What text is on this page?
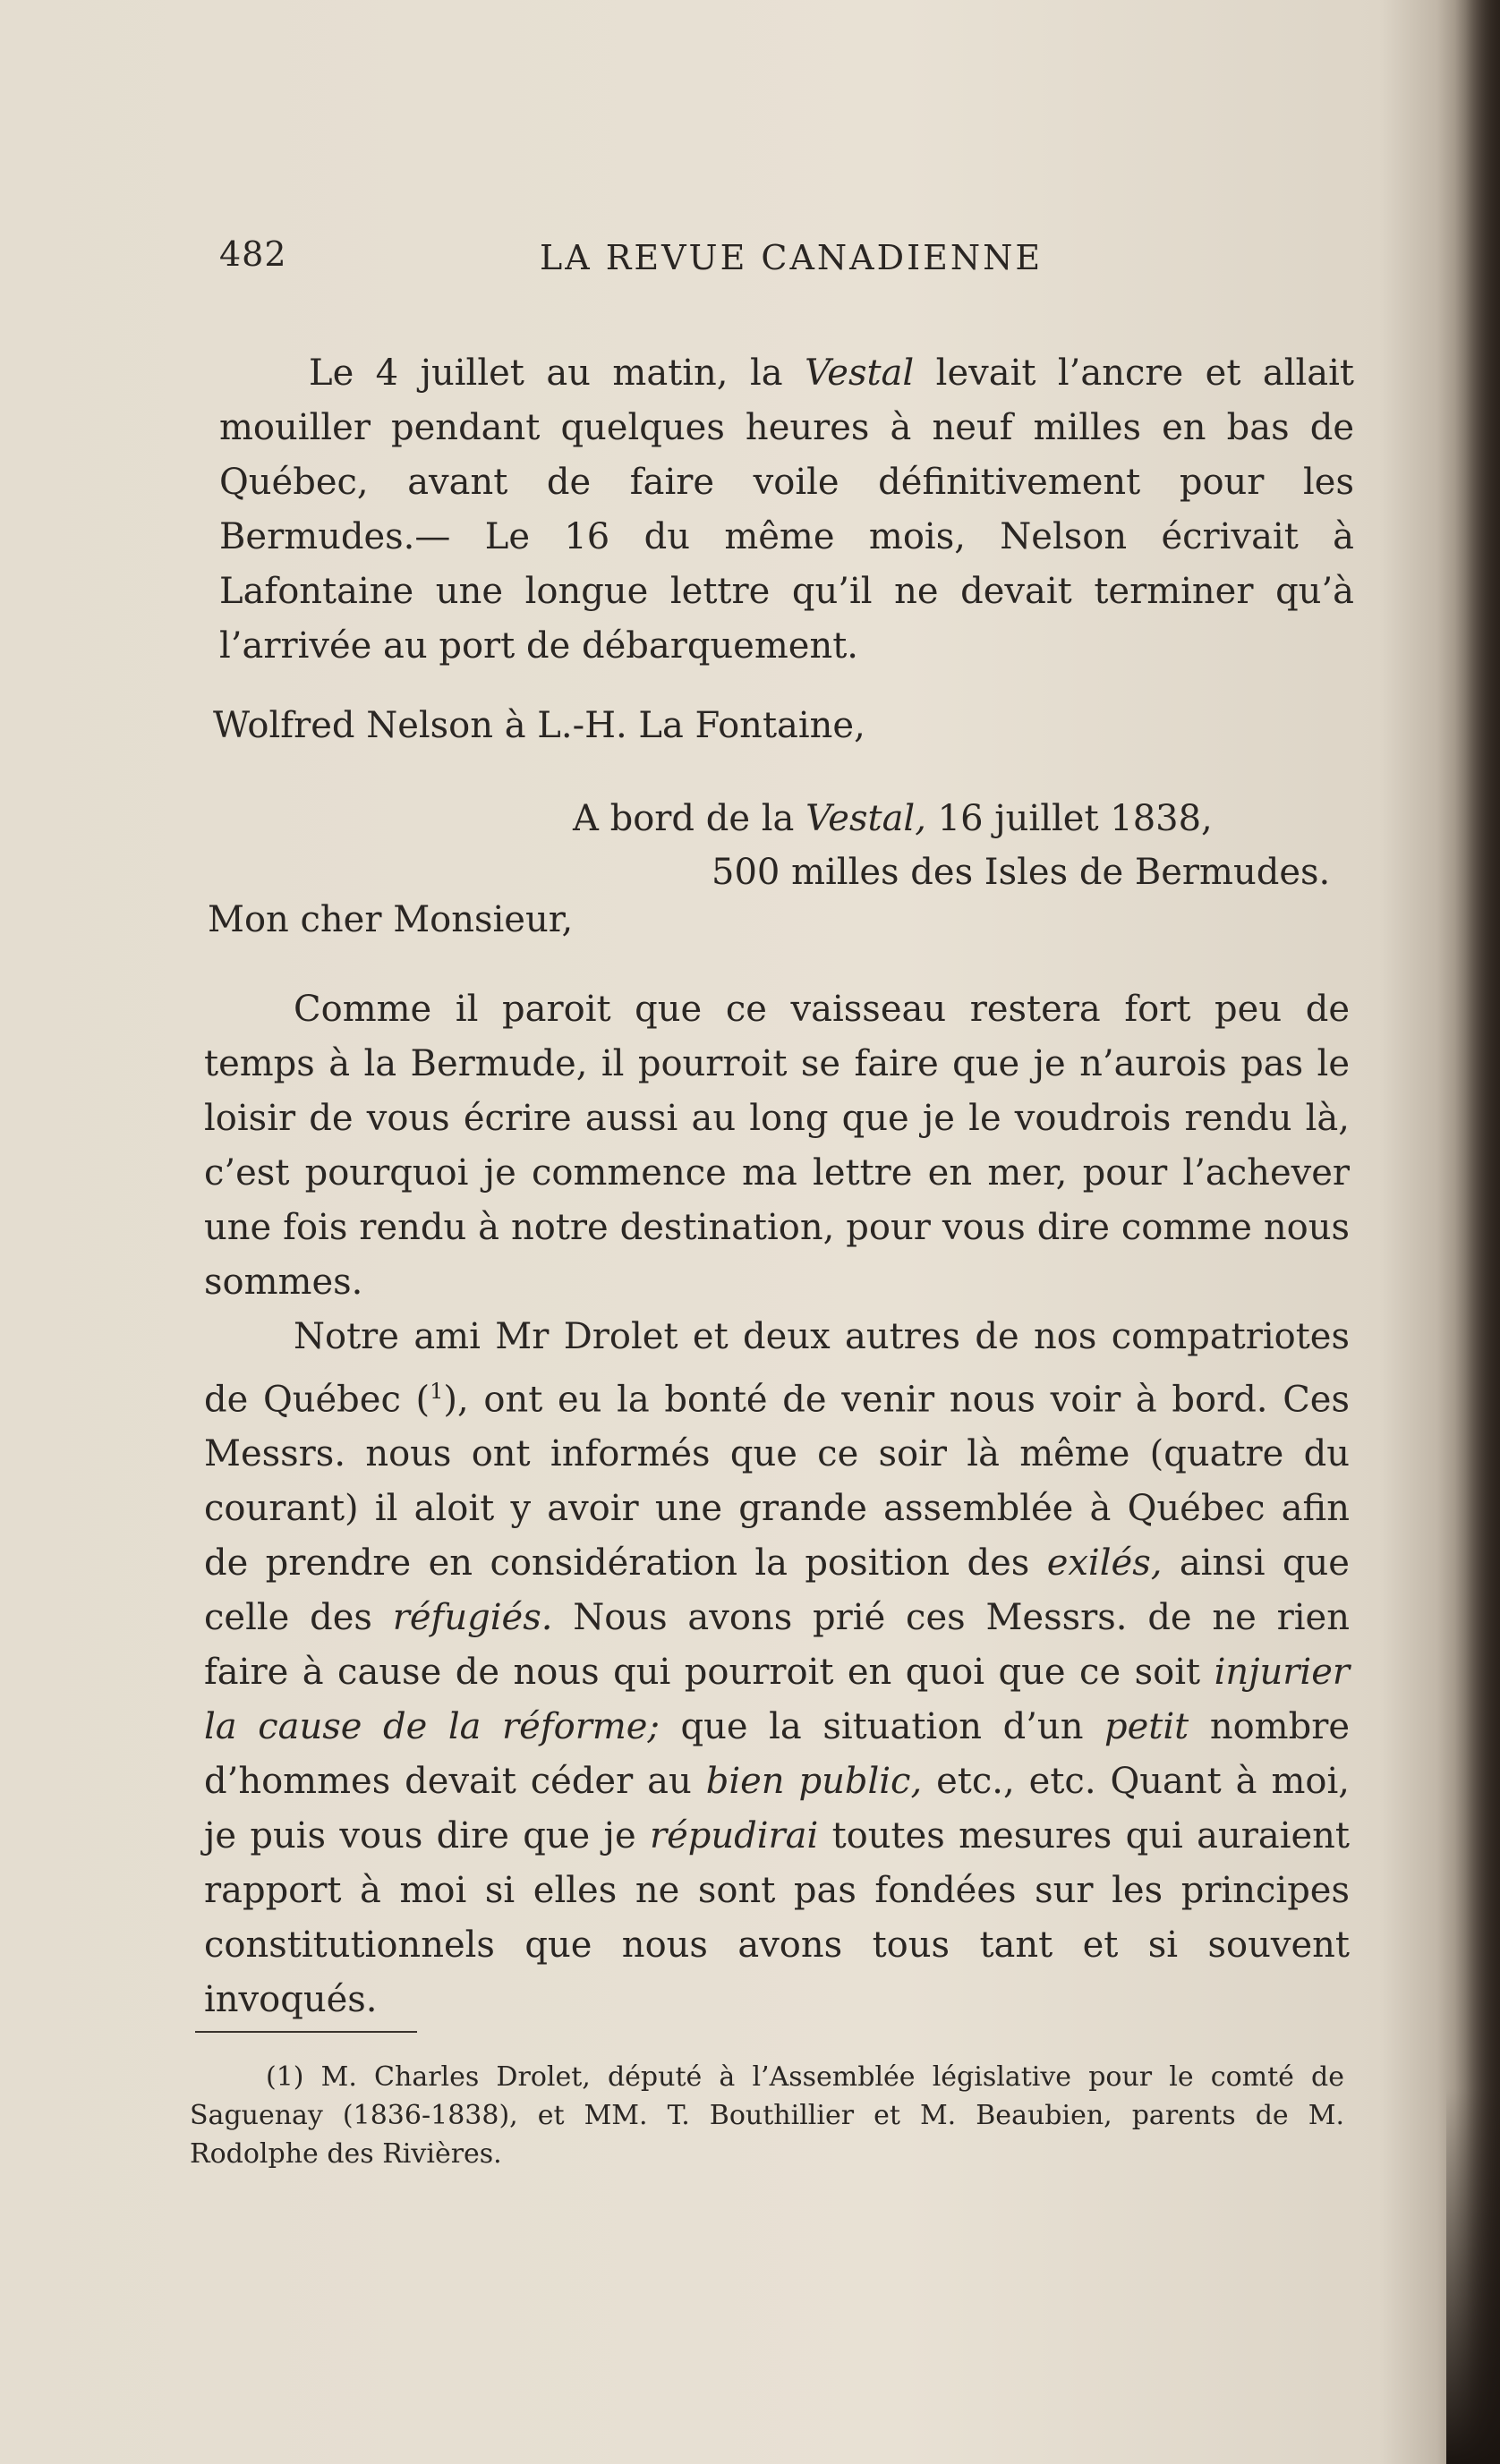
482	LA REVUE CANADIENNE

Le 4 juillet au matin, la Vestal levait l’ancre et allait mouiller pendant quelques heures à neuf milles en bas de Québec, avant de faire voile définitivement pour les Bermudes.— Le 16 du même mois, Nelson écrivait à Lafontaine une longue lettre qu’il ne devait terminer qu’à l’arrivée au port de débarquement.

Wolfred Nelson à L.-H. La Fontaine,
A bord de la Vestal, 16 juillet 1838,
500 milles des Isles de Bermudes.
Mon cher Monsieur,

Comme il paroit que ce vaisseau restera fort peu de temps à la Bermude, il pourroit se faire que je n’aurois pas le loisir de vous écrire aussi au long que je le voudrois rendu là, c’est pourquoi je commence ma lettre en mer, pour l’achever une fois rendu à notre destination, pour vous dire comme nous sommes.

Notre ami Mr Drolet et deux autres de nos compatriotes de Québec ($^1$), ont eu la bonté de venir nous voir à bord. Ces Messrs. nous ont informés que ce soir là même (quatre du courant) il aloit y avoir une grande assemblée à Québec afin de prendre en considération la position des exilés, ainsi que celle des réfugiés. Nous avons prié ces Messrs. de ne rien faire à cause de nous qui pourroit en quoi que ce soit injurier la cause de la réforme; que la situation d’un petit nombre d’hommes devait céder au bien public, etc., etc. Quant à moi, je puis vous dire que je répudirai toutes mesures qui auraient rapport à moi si elles ne sont pas fondées sur les principes constitutionnels que nous avons tous tant et si souvent invoqués.

(1) M. Charles Drolet, député à l’Assemblée législative pour le comté de Saguenay (1836-1838), et MM. T. Bouthillier et M. Beaubien, parents de M. Rodolphe des Rivières.
